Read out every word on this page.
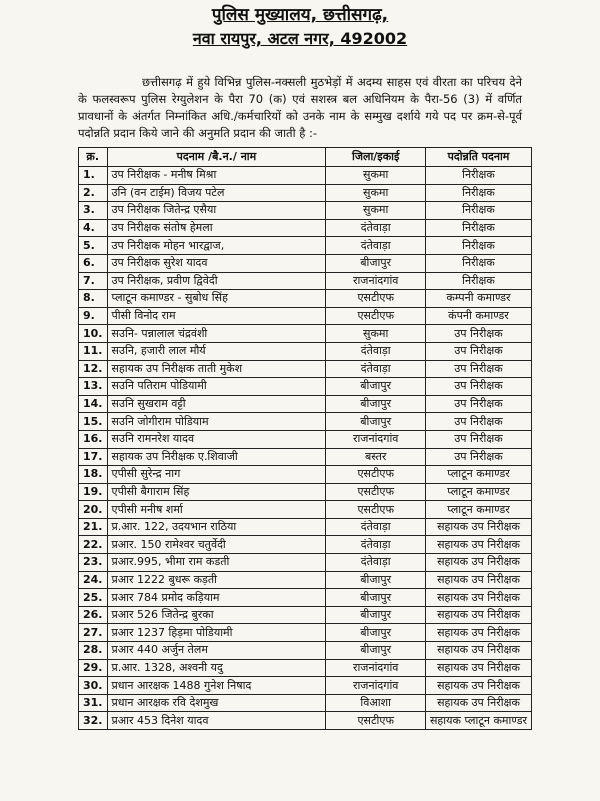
पुलिस मुख्यालय, छत्तीसगढ़,
नवा रायपुर, अटल नगर, 492002

छत्तीसगढ़ में हुये विभिन्न पुलिस-नक्सली मुठभेड़ों में अदम्य साहस एवं वीरता का परिचय देने के फलस्वरूप पुलिस रेग्युलेशन के पैरा 70 (क) एवं सशस्त्र बल अधिनियम के पैरा-56 (3) में वर्णित प्रावधानों के अंतर्गत निम्नांकित अधि./कर्मचारियों को उनके नाम के सम्मुख दर्शाये गये पद पर क्रम-से-पूर्व पदोन्नति प्रदान किये जाने की अनुमति प्रदान की जाती है :-

क्र.	पदनाम /बै.न./ नाम	जिला/इकाई	पदोन्नति पदनाम
1.	उप निरीक्षक - मनीष मिश्रा	सुकमा	निरीक्षक
2.	उनि (वन टाईम) विजय पटेल	सुकमा	निरीक्षक
3.	उप निरीक्षक जितेन्द्र एसैया	सुकमा	निरीक्षक
4.	उप निरीक्षक संतोष हेमला	दंतेवाड़ा	निरीक्षक
5.	उप निरीक्षक मोहन भारद्वाज,	दंतेवाड़ा	निरीक्षक
6.	उप निरीक्षक सुरेश यादव	बीजापुर	निरीक्षक
7.	उप निरीक्षक, प्रवीण द्विवेदी	राजनांदगांव	निरीक्षक
8.	प्लाटून कमाण्डर - सुबोध सिंह	एसटीएफ	कम्पनी कमाण्डर
9.	पीसी विनोद राम	एसटीएफ	कंपनी कमाण्डर
10.	सउनि- पन्नालाल चंद्रवंशी	सुकमा	उप निरीक्षक
11.	सउनि, हजारी लाल मौर्य	दंतेवाड़ा	उप निरीक्षक
12.	सहायक उप निरीक्षक ताती मुकेश	दंतेवाड़ा	उप निरीक्षक
13.	सउनि पतिराम पोडियामी	बीजापुर	उप निरीक्षक
14.	सउनि सुखराम वट्टी	बीजापुर	उप निरीक्षक
15.	सउनि जोगीराम पोडियाम	बीजापुर	उप निरीक्षक
16.	सउनि रामनरेश यादव	राजनांदगांव	उप निरीक्षक
17.	सहायक उप निरीक्षक ए.शिवाजी	बस्तर	उप निरीक्षक
18.	एपीसी सुरेन्द्र नाग	एसटीएफ	प्लाटून कमाण्डर
19.	एपीसी बैगाराम सिंह	एसटीएफ	प्लाटून कमाण्डर
20.	एपीसी मनीष शर्मा	एसटीएफ	प्लाटून कमाण्डर
21.	प्र.आर. 122, उदयभान राठिया	दंतेवाड़ा	सहायक उप निरीक्षक
22.	प्रआर. 150 रामेश्वर चतुर्वेदी	दंतेवाड़ा	सहायक उप निरीक्षक
23.	प्रआर.995, भीमा राम कडती	दंतेवाड़ा	सहायक उप निरीक्षक
24.	प्रआर 1222 बुधरू कड़ती	बीजापुर	सहायक उप निरीक्षक
25.	प्रआर 784 प्रमोद कड़ियाम	बीजापुर	सहायक उप निरीक्षक
26.	प्रआर 526 जितेन्द्र बुरका	बीजापुर	सहायक उप निरीक्षक
27.	प्रआर 1237 हिड़मा पोडियामी	बीजापुर	सहायक उप निरीक्षक
28.	प्रआर 440 अर्जुन तेलम	बीजापुर	सहायक उप निरीक्षक
29.	प्र.आर. 1328, अश्वनी यदु	राजनांदगांव	सहायक उप निरीक्षक
30.	प्रधान आरक्षक 1488 गुनेश निषाद	राजनांदगांव	सहायक उप निरीक्षक
31.	प्रधान आरक्षक रवि देशमुख	विआशा	सहायक उप निरीक्षक
32.	प्रआर 453 दिनेश यादव	एसटीएफ	सहायक प्लाटून कमाण्डर
